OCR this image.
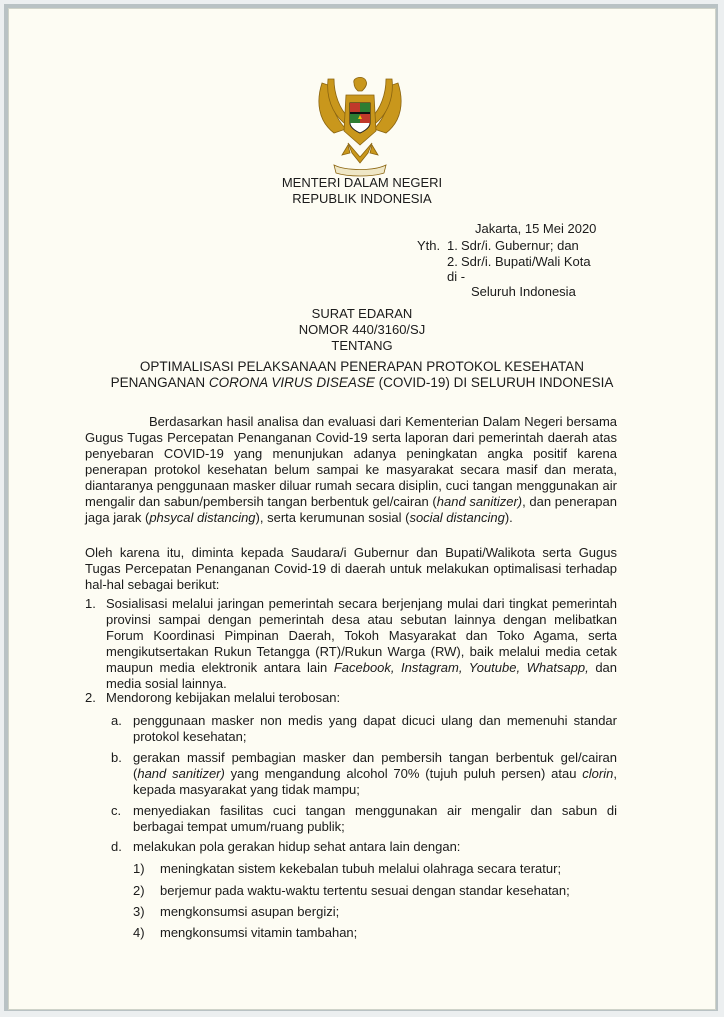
MENTERI DALAM NEGERI
REPUBLIK INDONESIA
Jakarta, 15 Mei 2020
Yth. 1. Sdr/i. Gubernur; dan
2. Sdr/i. Bupati/Wali Kota
di -
Seluruh Indonesia
SURAT EDARAN
NOMOR 440/3160/SJ
TENTANG
OPTIMALISASI PELAKSANAAN PENERAPAN PROTOKOL KESEHATAN
PENANGANAN CORONA VIRUS DISEASE (COVID-19) DI SELURUH INDONESIA
Berdasarkan hasil analisa dan evaluasi dari Kementerian Dalam Negeri bersama Gugus Tugas Percepatan Penanganan Covid-19 serta laporan dari pemerintah daerah atas penyebaran COVID-19 yang menunjukan adanya peningkatan angka positif karena penerapan protokol kesehatan belum sampai ke masyarakat secara masif dan merata, diantaranya penggunaan masker diluar rumah secara disiplin, cuci tangan menggunakan air mengalir dan sabun/pembersih tangan berbentuk gel/cairan (hand sanitizer), dan penerapan jaga jarak (phsycal distancing), serta kerumunan sosial (social distancing).
Oleh karena itu, diminta kepada Saudara/i Gubernur dan Bupati/Walikota serta Gugus Tugas Percepatan Penanganan Covid-19 di daerah untuk melakukan optimalisasi terhadap hal-hal sebagai berikut:
1. Sosialisasi melalui jaringan pemerintah secara berjenjang mulai dari tingkat pemerintah provinsi sampai dengan pemerintah desa atau sebutan lainnya dengan melibatkan Forum Koordinasi Pimpinan Daerah, Tokoh Masyarakat dan Toko Agama, serta mengikutsertakan Rukun Tetangga (RT)/Rukun Warga (RW), baik melalui media cetak maupun media elektronik antara lain Facebook, Instagram, Youtube, Whatsapp, dan media sosial lainnya.
2. Mendorong kebijakan melalui terobosan:
a. penggunaan masker non medis yang dapat dicuci ulang dan memenuhi standar protokol kesehatan;
b. gerakan massif pembagian masker dan pembersih tangan berbentuk gel/cairan (hand sanitizer) yang mengandung alcohol 70% (tujuh puluh persen) atau clorin, kepada masyarakat yang tidak mampu;
c. menyediakan fasilitas cuci tangan menggunakan air mengalir dan sabun di berbagai tempat umum/ruang publik;
d. melakukan pola gerakan hidup sehat antara lain dengan:
1) meningkatan sistem kekebalan tubuh melalui olahraga secara teratur;
2) berjemur pada waktu-waktu tertentu sesuai dengan standar kesehatan;
3) mengkonsumsi asupan bergizi;
4) mengkonsumsi vitamin tambahan;
